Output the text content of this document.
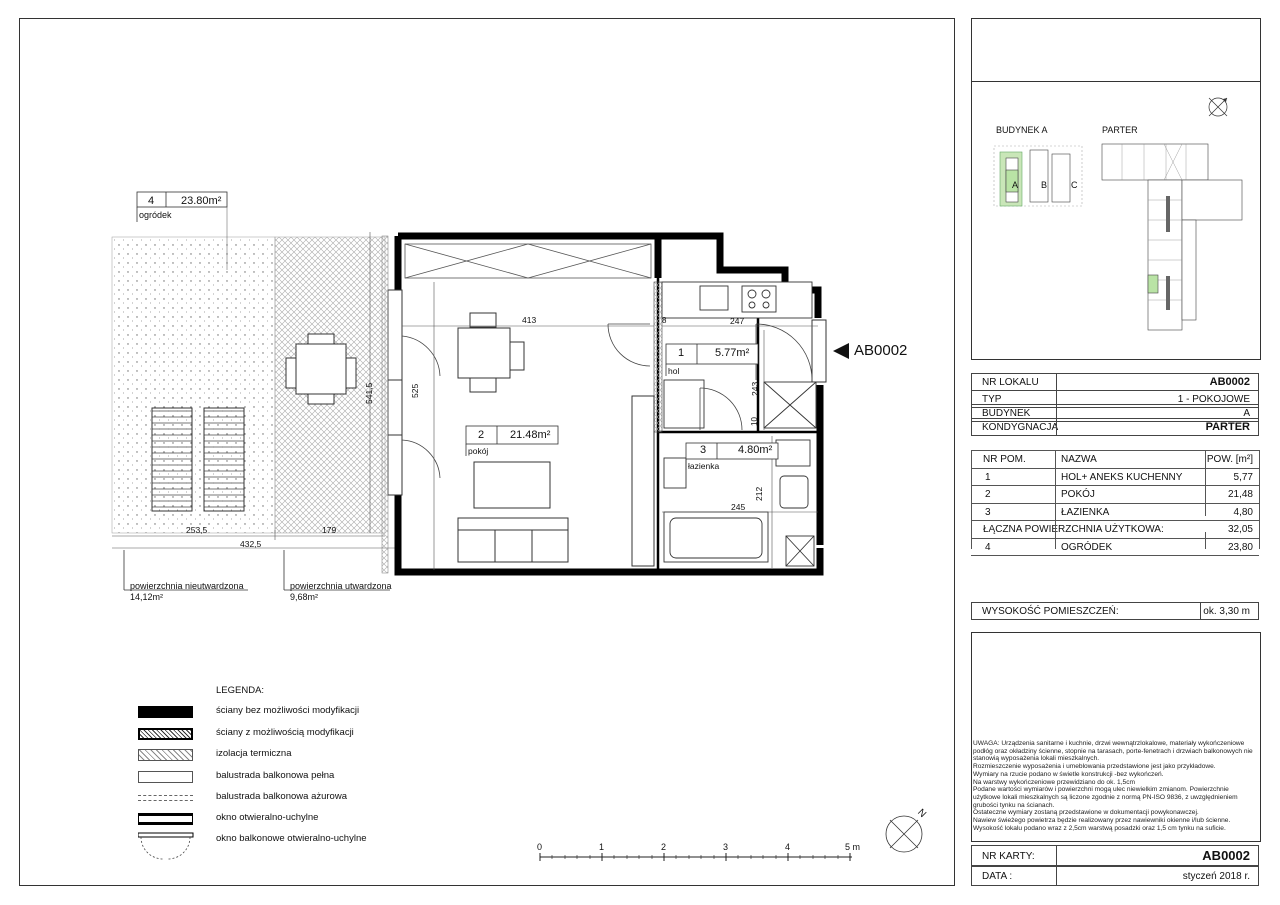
4 23.80m²
ogródek
2 21.48m²
pokój
1	5.77m²
hol
3	4.80m²
łazienka
AB0002
413	247
8
525
541,5	243
10
212
245
253,5	179
432,5
powierzchnia nieutwardzona
14,12m²
powierzchnia utwardzona
9,68m²
LEGENDA:
ściany bez możliwości modyfikacji
ściany z możliwością modyfikacji
izolacja termiczna
balustrada balkonowa pełna
balustrada balkonowa ażurowa
okno otwieralno-uchylne
okno balkonowe otwieralno-uchylne
0	1	2	3	4	5 m
N
BUDYNEK A	PARTER
A	B	C
NR LOKALU	AB0002
TYP	1 - POKOJOWE
BUDYNEK	A
KONDYGNACJA	PARTER
NR POM.	NAZWA	POW. [m²]
1	HOL+ ANEKS KUCHENNY	5,77
2	POKÓJ	21,48
3	ŁAZIENKA	4,80
ŁĄCZNA POWIERZCHNIA UŻYTKOWA:	32,05
4	OGRÓDEK	23,80
WYSOKOŚĆ POMIESZCZEŃ:	ok. 3,30 m
UWAGA: Urządzenia sanitarne i kuchnie, drzwi wewnątrzlokalowe, materiały wykończeniowe podłóg oraz okładziny ścienne, stopnie na tarasach, porte-fenetrach i drzwiach balkonowych nie stanowią wyposażenia lokali mieszkalnych.
Rozmieszczenie wyposażenia i umeblowania przedstawione jest jako przykładowe.
Wymiary na rzucie podano w świetle konstrukcji -bez wykończeń.
Na warstwy wykończeniowe przewidziano do ok. 1,5cm
Podane wartości wymiarów i powierzchni mogą ulec niewielkim zmianom. Powierzchnie użytkowe lokali mieszkalnych są liczone zgodnie z normą PN-ISO 9836, z uwzględnieniem grubości tynku na ścianach.
Ostateczne wymiary zostaną przedstawione w dokumentacji powykonawczej.
Nawiew świeżego powietrza będzie realizowany przez nawiewniki okienne i/lub ścienne.
Wysokość lokalu podano wraz z 2,5cm warstwą posadzki oraz 1,5 cm tynku na suficie.
NR KARTY:	AB0002
DATA :	styczeń 2018 r.
